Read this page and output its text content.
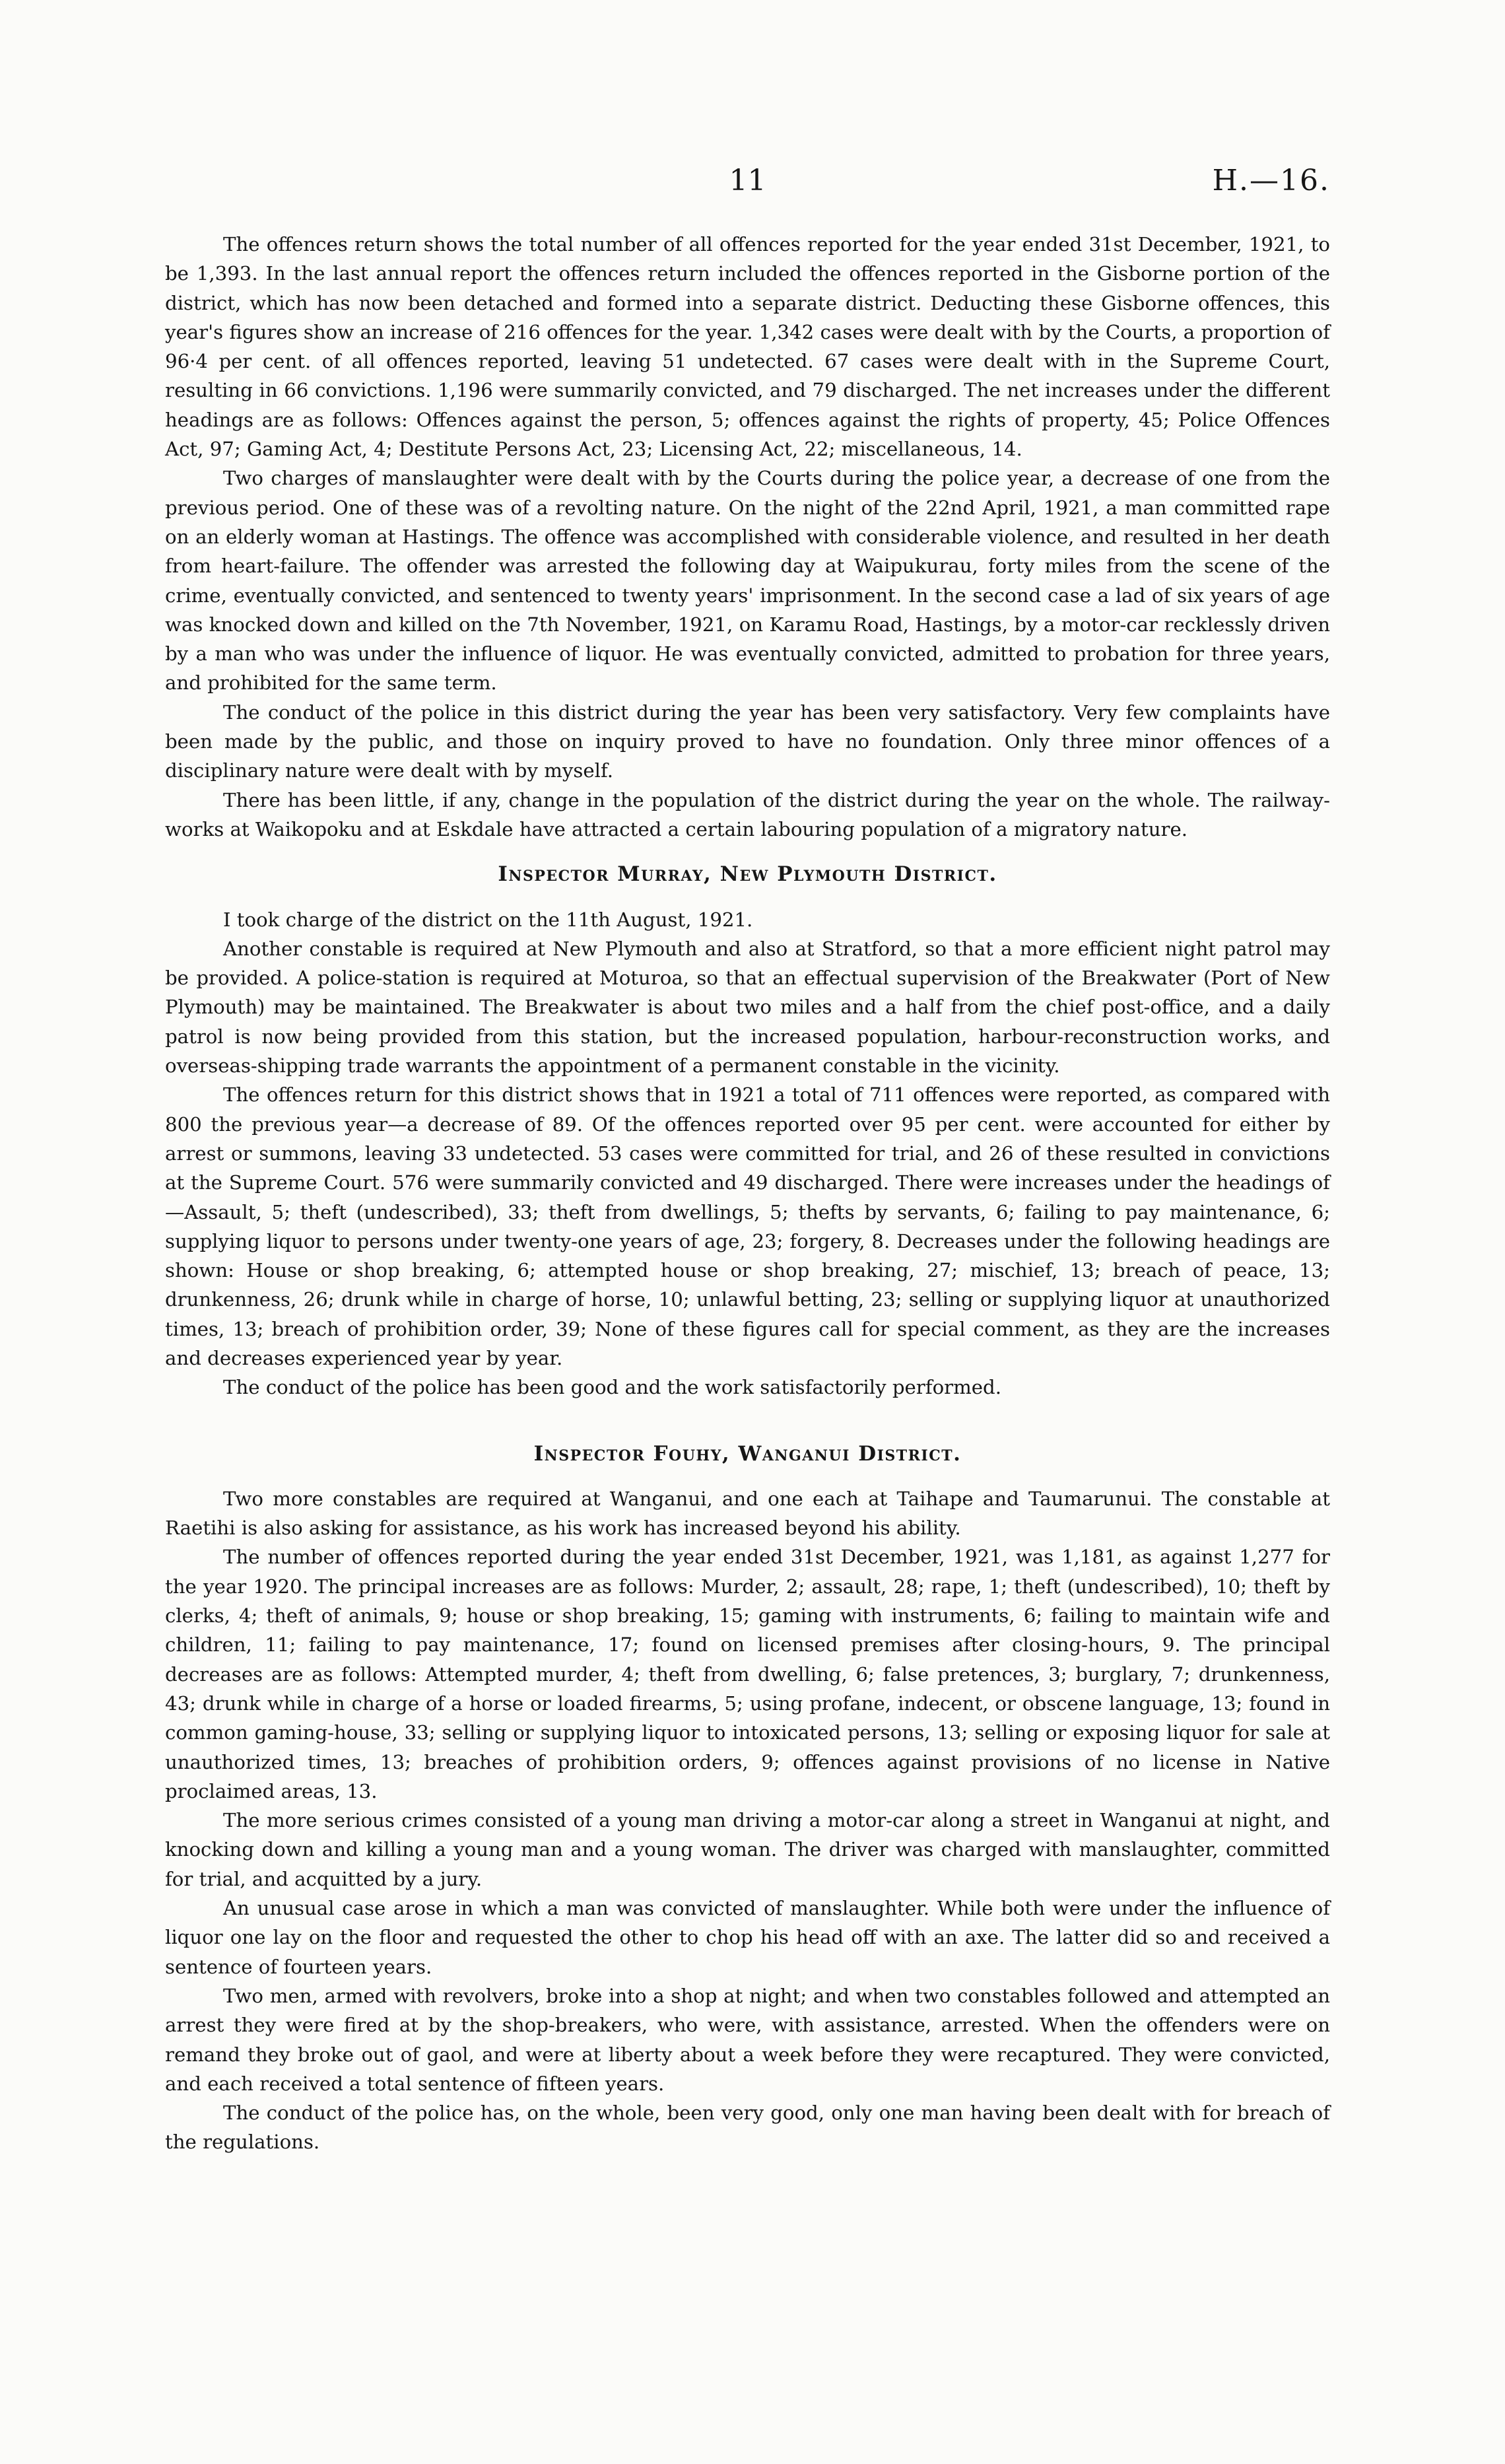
11	H.—16.

The offences return shows the total number of all offences reported for the year ended 31st December, 1921, to be 1,393. In the last annual report the offences return included the offences reported in the Gisborne portion of the district, which has now been detached and formed into a separate district. Deducting these Gisborne offences, this year's figures show an increase of 216 offences for the year. 1,342 cases were dealt with by the Courts, a proportion of 96·4 per cent. of all offences reported, leaving 51 undetected. 67 cases were dealt with in the Supreme Court, resulting in 66 convictions. 1,196 were summarily convicted, and 79 discharged. The net increases under the different headings are as follows: Offences against the person, 5; offences against the rights of property, 45; Police Offences Act, 97; Gaming Act, 4; Destitute Persons Act, 23; Licensing Act, 22; miscellaneous, 14.

Two charges of manslaughter were dealt with by the Courts during the police year, a decrease of one from the previous period. One of these was of a revolting nature. On the night of the 22nd April, 1921, a man committed rape on an elderly woman at Hastings. The offence was accomplished with considerable violence, and resulted in her death from heart-failure. The offender was arrested the following day at Waipukurau, forty miles from the scene of the crime, eventually convicted, and sentenced to twenty years' imprisonment. In the second case a lad of six years of age was knocked down and killed on the 7th November, 1921, on Karamu Road, Hastings, by a motor-car recklessly driven by a man who was under the influence of liquor. He was eventually convicted, admitted to probation for three years, and prohibited for the same term.

The conduct of the police in this district during the year has been very satisfactory. Very few complaints have been made by the public, and those on inquiry proved to have no foundation. Only three minor offences of a disciplinary nature were dealt with by myself.

There has been little, if any, change in the population of the district during the year on the whole. The railway-works at Waikopoku and at Eskdale have attracted a certain labouring population of a migratory nature.

Inspector Murray, New Plymouth District.

I took charge of the district on the 11th August, 1921.

Another constable is required at New Plymouth and also at Stratford, so that a more efficient night patrol may be provided. A police-station is required at Moturoa, so that an effectual supervision of the Breakwater (Port of New Plymouth) may be maintained. The Breakwater is about two miles and a half from the chief post-office, and a daily patrol is now being provided from this station, but the increased population, harbour-reconstruction works, and overseas-shipping trade warrants the appointment of a permanent constable in the vicinity.

The offences return for this district shows that in 1921 a total of 711 offences were reported, as compared with 800 the previous year—a decrease of 89. Of the offences reported over 95 per cent. were accounted for either by arrest or summons, leaving 33 undetected. 53 cases were committed for trial, and 26 of these resulted in convictions at the Supreme Court. 576 were summarily convicted and 49 discharged. There were increases under the headings of—Assault, 5; theft (undescribed), 33; theft from dwellings, 5; thefts by servants, 6; failing to pay maintenance, 6; supplying liquor to persons under twenty-one years of age, 23; forgery, 8. Decreases under the following headings are shown: House or shop breaking, 6; attempted house or shop breaking, 27; mischief, 13; breach of peace, 13; drunkenness, 26; drunk while in charge of horse, 10; unlawful betting, 23; selling or supplying liquor at unauthorized times, 13; breach of prohibition order, 39; None of these figures call for special comment, as they are the increases and decreases experienced year by year.

The conduct of the police has been good and the work satisfactorily performed.

Inspector Fouhy, Wanganui District.

Two more constables are required at Wanganui, and one each at Taihape and Taumarunui. The constable at Raetihi is also asking for assistance, as his work has increased beyond his ability.

The number of offences reported during the year ended 31st December, 1921, was 1,181, as against 1,277 for the year 1920. The principal increases are as follows: Murder, 2; assault, 28; rape, 1; theft (undescribed), 10; theft by clerks, 4; theft of animals, 9; house or shop breaking, 15; gaming with instruments, 6; failing to maintain wife and children, 11; failing to pay maintenance, 17; found on licensed premises after closing-hours, 9. The principal decreases are as follows: Attempted murder, 4; theft from dwelling, 6; false pretences, 3; burglary, 7; drunkenness, 43; drunk while in charge of a horse or loaded firearms, 5; using profane, indecent, or obscene language, 13; found in common gaming-house, 33; selling or supplying liquor to intoxicated persons, 13; selling or exposing liquor for sale at unauthorized times, 13; breaches of prohibition orders, 9; offences against provisions of no license in Native proclaimed areas, 13.

The more serious crimes consisted of a young man driving a motor-car along a street in Wanganui at night, and knocking down and killing a young man and a young woman. The driver was charged with manslaughter, committed for trial, and acquitted by a jury.

An unusual case arose in which a man was convicted of manslaughter. While both were under the influence of liquor one lay on the floor and requested the other to chop his head off with an axe. The latter did so and received a sentence of fourteen years.

Two men, armed with revolvers, broke into a shop at night; and when two constables followed and attempted an arrest they were fired at by the shop-breakers, who were, with assistance, arrested. When the offenders were on remand they broke out of gaol, and were at liberty about a week before they were recaptured. They were convicted, and each received a total sentence of fifteen years.

The conduct of the police has, on the whole, been very good, only one man having been dealt with for breach of the regulations.
